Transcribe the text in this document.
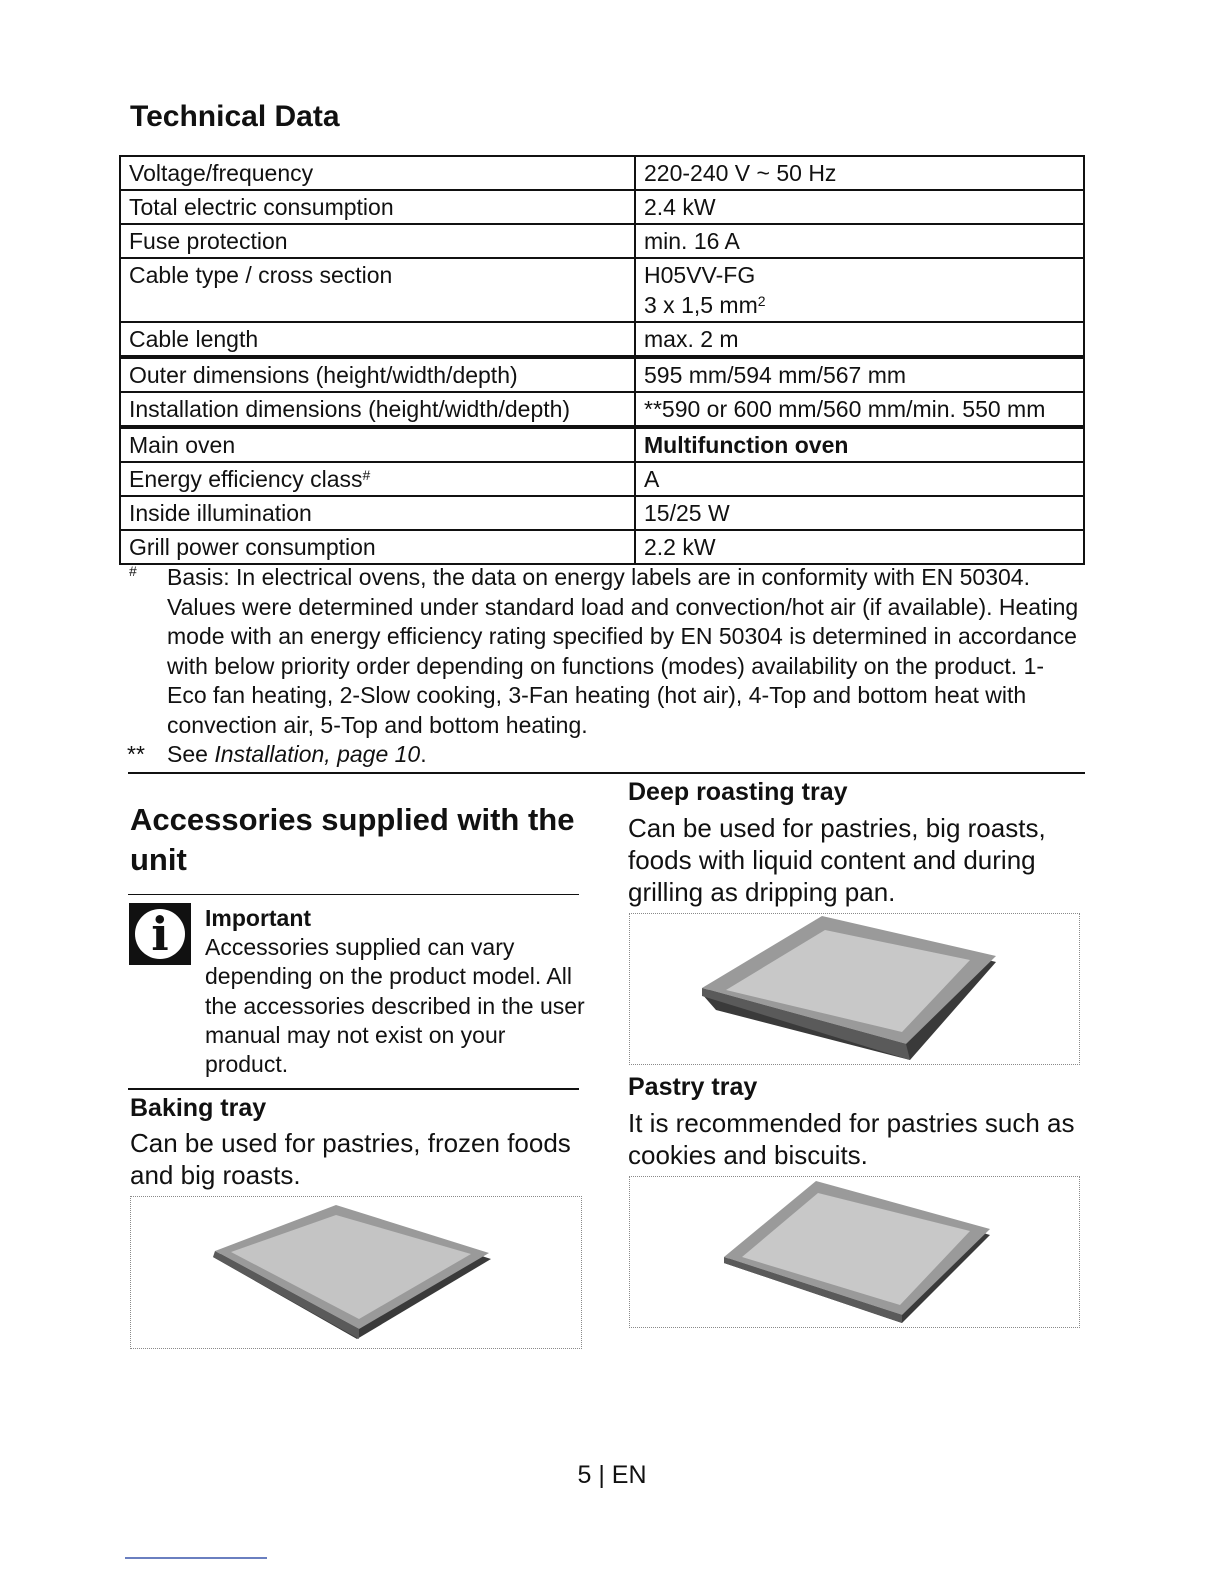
Technical Data
Voltage/frequency	220-240 V ~ 50 Hz
Total electric consumption	2.4 kW
Fuse protection	min. 16 A
Cable type / cross section	H05VV-FG
3 x 1,5 $mm^2$

Cable length	max. 2 m
Outer dimensions (height/width/depth)	595 mm/594 mm/567 mm
Installation dimensions (height/width/depth)	**590 or 600 mm/560 mm/min. 550 mm
Main oven	Multifunction oven
Energy efficiency class#	A
Inside illumination	15/25 W
Grill power consumption	2.2 kW
# Basis: In electrical ovens, the data on energy labels are in conformity with EN 50304. Values were determined under standard load and convection/hot air (if available). Heating mode with an energy efficiency rating specified by EN 50304 is determined in accordance with below priority order depending on functions (modes) availability on the product. 1- Eco fan heating, 2-Slow cooking, 3-Fan heating (hot air), 4-Top and bottom heat with convection air, 5-Top and bottom heating.
** See Installation, page 10.
Accessories supplied with the unit
i	Important
Accessories supplied can vary depending on the product model. All the accessories described in the user manual may not exist on your product.
Baking tray
Can be used for pastries, frozen foods and big roasts.
Deep roasting tray
Can be used for pastries, big roasts, foods with liquid content and during grilling as dripping pan.
Pastry tray
It is recommended for pastries such as cookies and biscuits.
5 | EN
